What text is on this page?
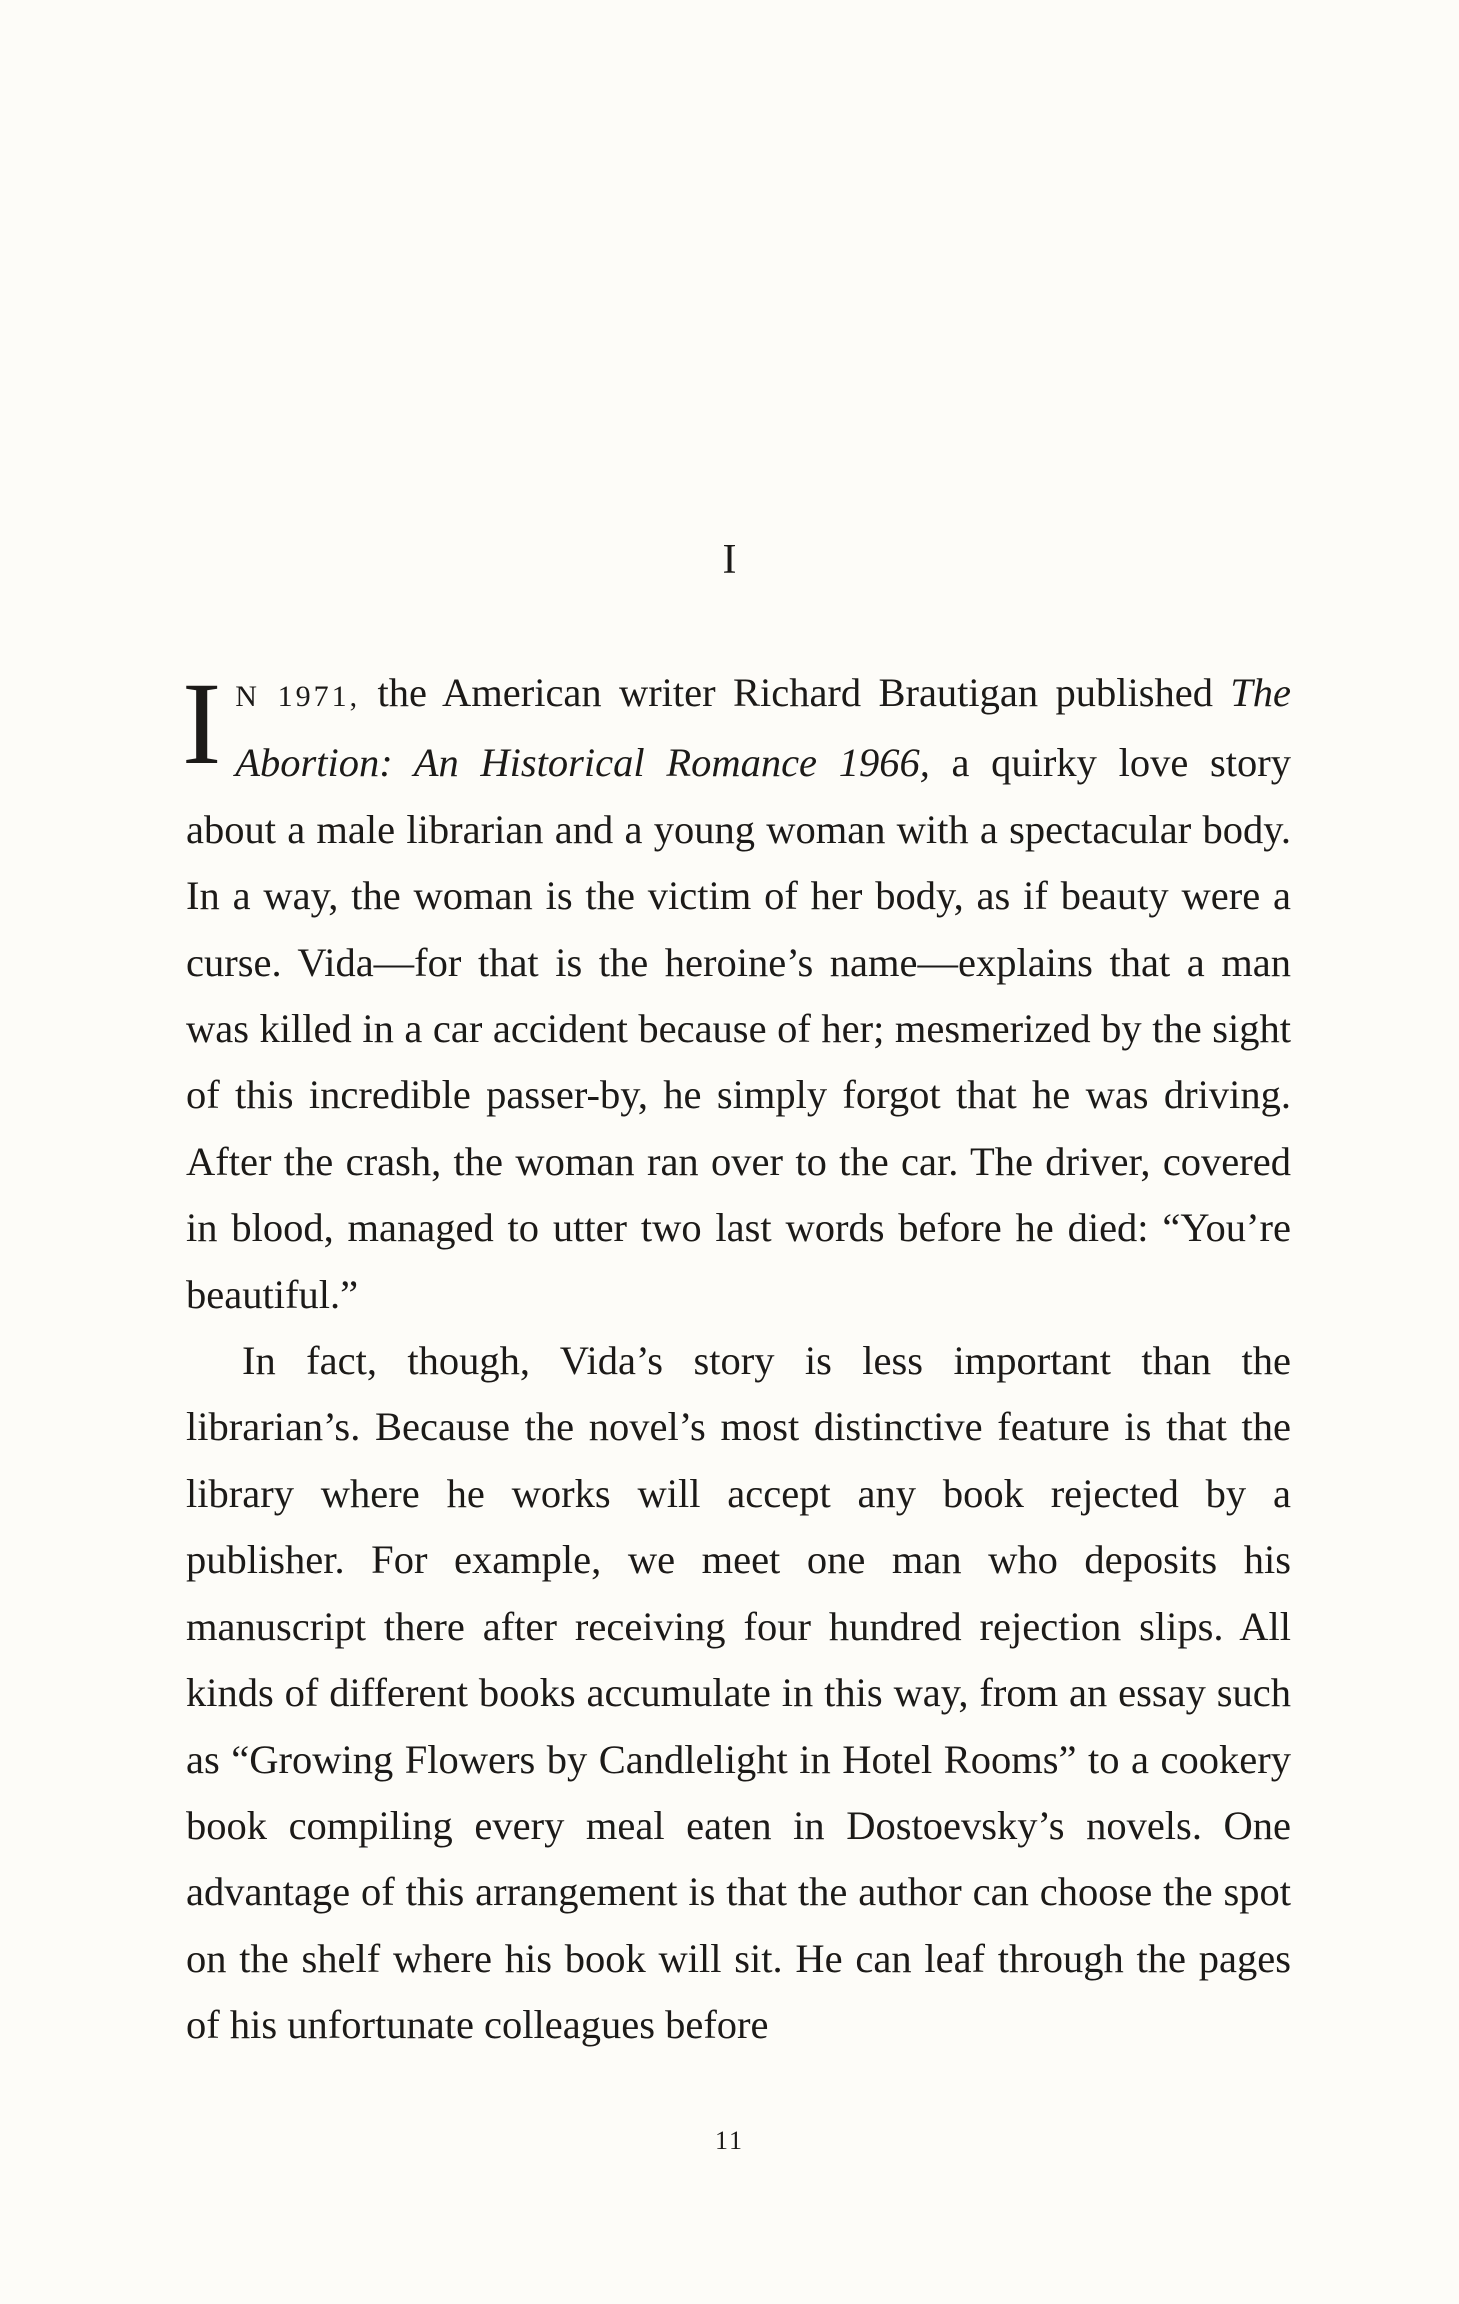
I

I N 1971, the American writer Richard Brautigan published The Abortion: An Historical Romance 1966, a quirky love story about a male librarian and a young woman with a spectacular body. In a way, the woman is the victim of her body, as if beauty were a curse. Vida—for that is the heroine’s name—explains that a man was killed in a car accident because of her; mesmerized by the sight of this incredible passer-by, he simply forgot that he was driving. After the crash, the woman ran over to the car. The driver, covered in blood, managed to utter two last words before he died: “You’re beautiful.”

In fact, though, Vida’s story is less important than the librarian’s. Because the novel’s most distinctive feature is that the library where he works will accept any book rejected by a publisher. For example, we meet one man who deposits his manuscript there after receiving four hundred rejection slips. All kinds of different books accumulate in this way, from an essay such as “Growing Flowers by Candlelight in Hotel Rooms” to a cookery book compiling every meal eaten in Dostoevsky’s novels. One advantage of this arrangement is that the author can choose the spot on the shelf where his book will sit. He can leaf through the pages of his unfortunate colleagues before

11
